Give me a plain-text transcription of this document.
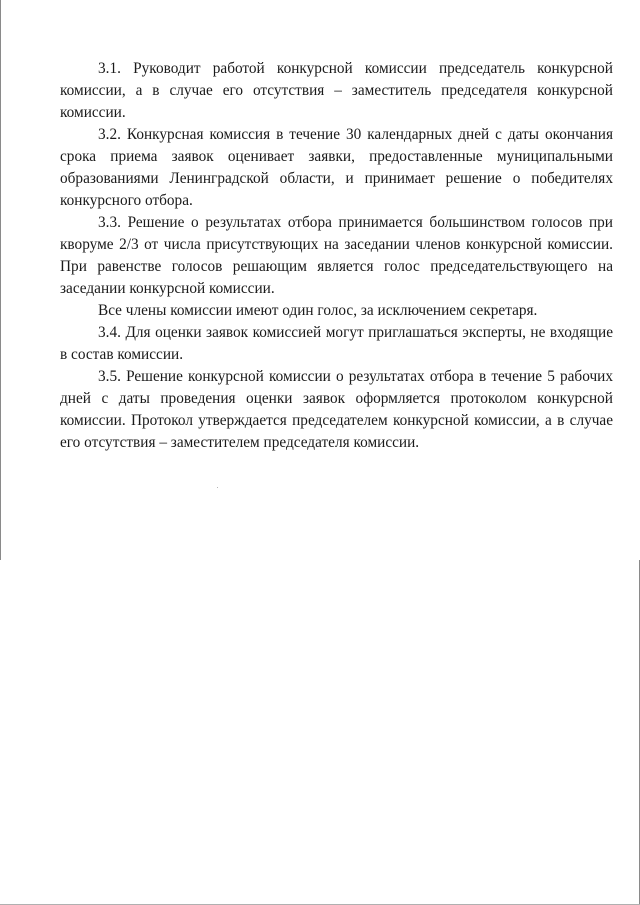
3.1. Руководит работой конкурсной комиссии председатель конкурсной комиссии, а в случае его отсутствия – заместитель председателя конкурсной комиссии.

3.2. Конкурсная комиссия в течение 30 календарных дней с даты окончания срока приема заявок оценивает заявки, предоставленные муниципальными образованиями Ленинградской области, и принимает решение о победителях конкурсного отбора.

3.3. Решение о результатах отбора принимается большинством голосов при кворуме 2/3 от числа присутствующих на заседании членов конкурсной комиссии. При равенстве голосов решающим является голос председательствующего на заседании конкурсной комиссии.

Все члены комиссии имеют один голос, за исключением секретаря.

3.4. Для оценки заявок комиссией могут приглашаться эксперты, не входящие в состав комиссии.

3.5. Решение конкурсной комиссии о результатах отбора в течение 5 рабочих дней с даты проведения оценки заявок оформляется протоколом конкурсной комиссии. Протокол утверждается председателем конкурсной комиссии, а в случае его отсутствия – заместителем председателя комиссии.
